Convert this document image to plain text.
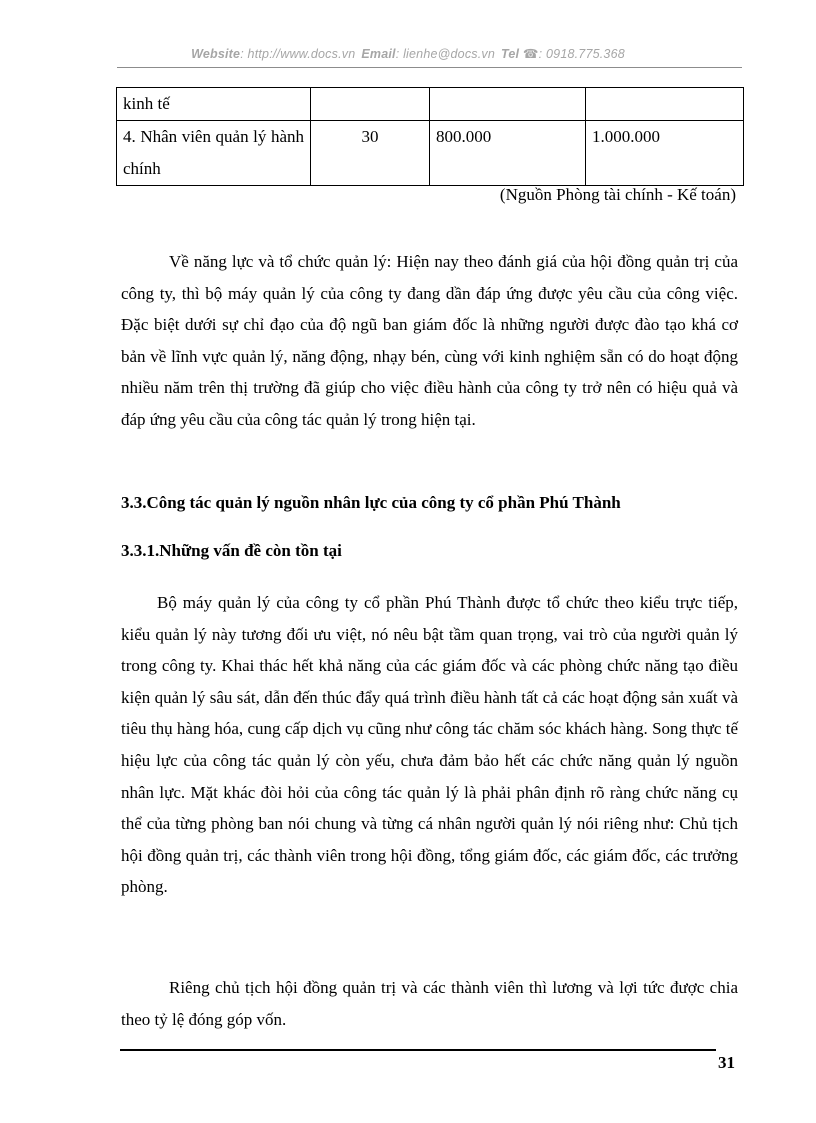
Website: http://www.docs.vn Email: lienhe@docs.vn Tel ☎: 0918.775.368
kinh tế			
4. Nhân viên quản lý hành chính	30	800.000	1.000.000
(Nguồn Phòng tài chính - Kế toán)

Về năng lực và tổ chức quản lý: Hiện nay theo đánh giá của hội đồng quản trị của công ty, thì bộ máy quản lý của công ty đang dần đáp ứng được yêu cầu của công việc. Đặc biệt dưới sự chỉ đạo của độ ngũ ban giám đốc là những người được đào tạo khá cơ bản về lĩnh vực quản lý, năng động, nhạy bén, cùng với kinh nghiệm sẵn có do hoạt động nhiều năm trên thị trường đã giúp cho việc điều hành của công ty trở nên có hiệu quả và đáp ứng yêu cầu của công tác quản lý trong hiện tại.

3.3.Công tác quản lý nguồn nhân lực của công ty cổ phần Phú Thành

3.3.1.Những vấn đề còn tồn tại

Bộ máy quản lý của công ty cổ phần Phú Thành được tổ chức theo kiểu trực tiếp, kiểu quản lý này tương đối ưu việt, nó nêu bật tầm quan trọng, vai trò của người quản lý trong công ty. Khai thác hết khả năng của các giám đốc và các phòng chức năng tạo điều kiện quản lý sâu sát, dẫn đến thúc đẩy quá trình điều hành tất cả các hoạt động sản xuất và tiêu thụ hàng hóa, cung cấp dịch vụ cũng như công tác chăm sóc khách hàng. Song thực tế hiệu lực của công tác quản lý còn yếu, chưa đảm bảo hết các chức năng quản lý nguồn nhân lực. Mặt khác đòi hỏi của công tác quản lý là phải phân định rõ ràng chức năng cụ thể của từng phòng ban nói chung và từng cá nhân người quản lý nói riêng như: Chủ tịch hội đồng quản trị, các thành viên trong hội đồng, tổng giám đốc, các giám đốc, các trưởng phòng.

Riêng chủ tịch hội đồng quản trị và các thành viên thì lương và lợi tức được chia theo tỷ lệ đóng góp vốn.

31
